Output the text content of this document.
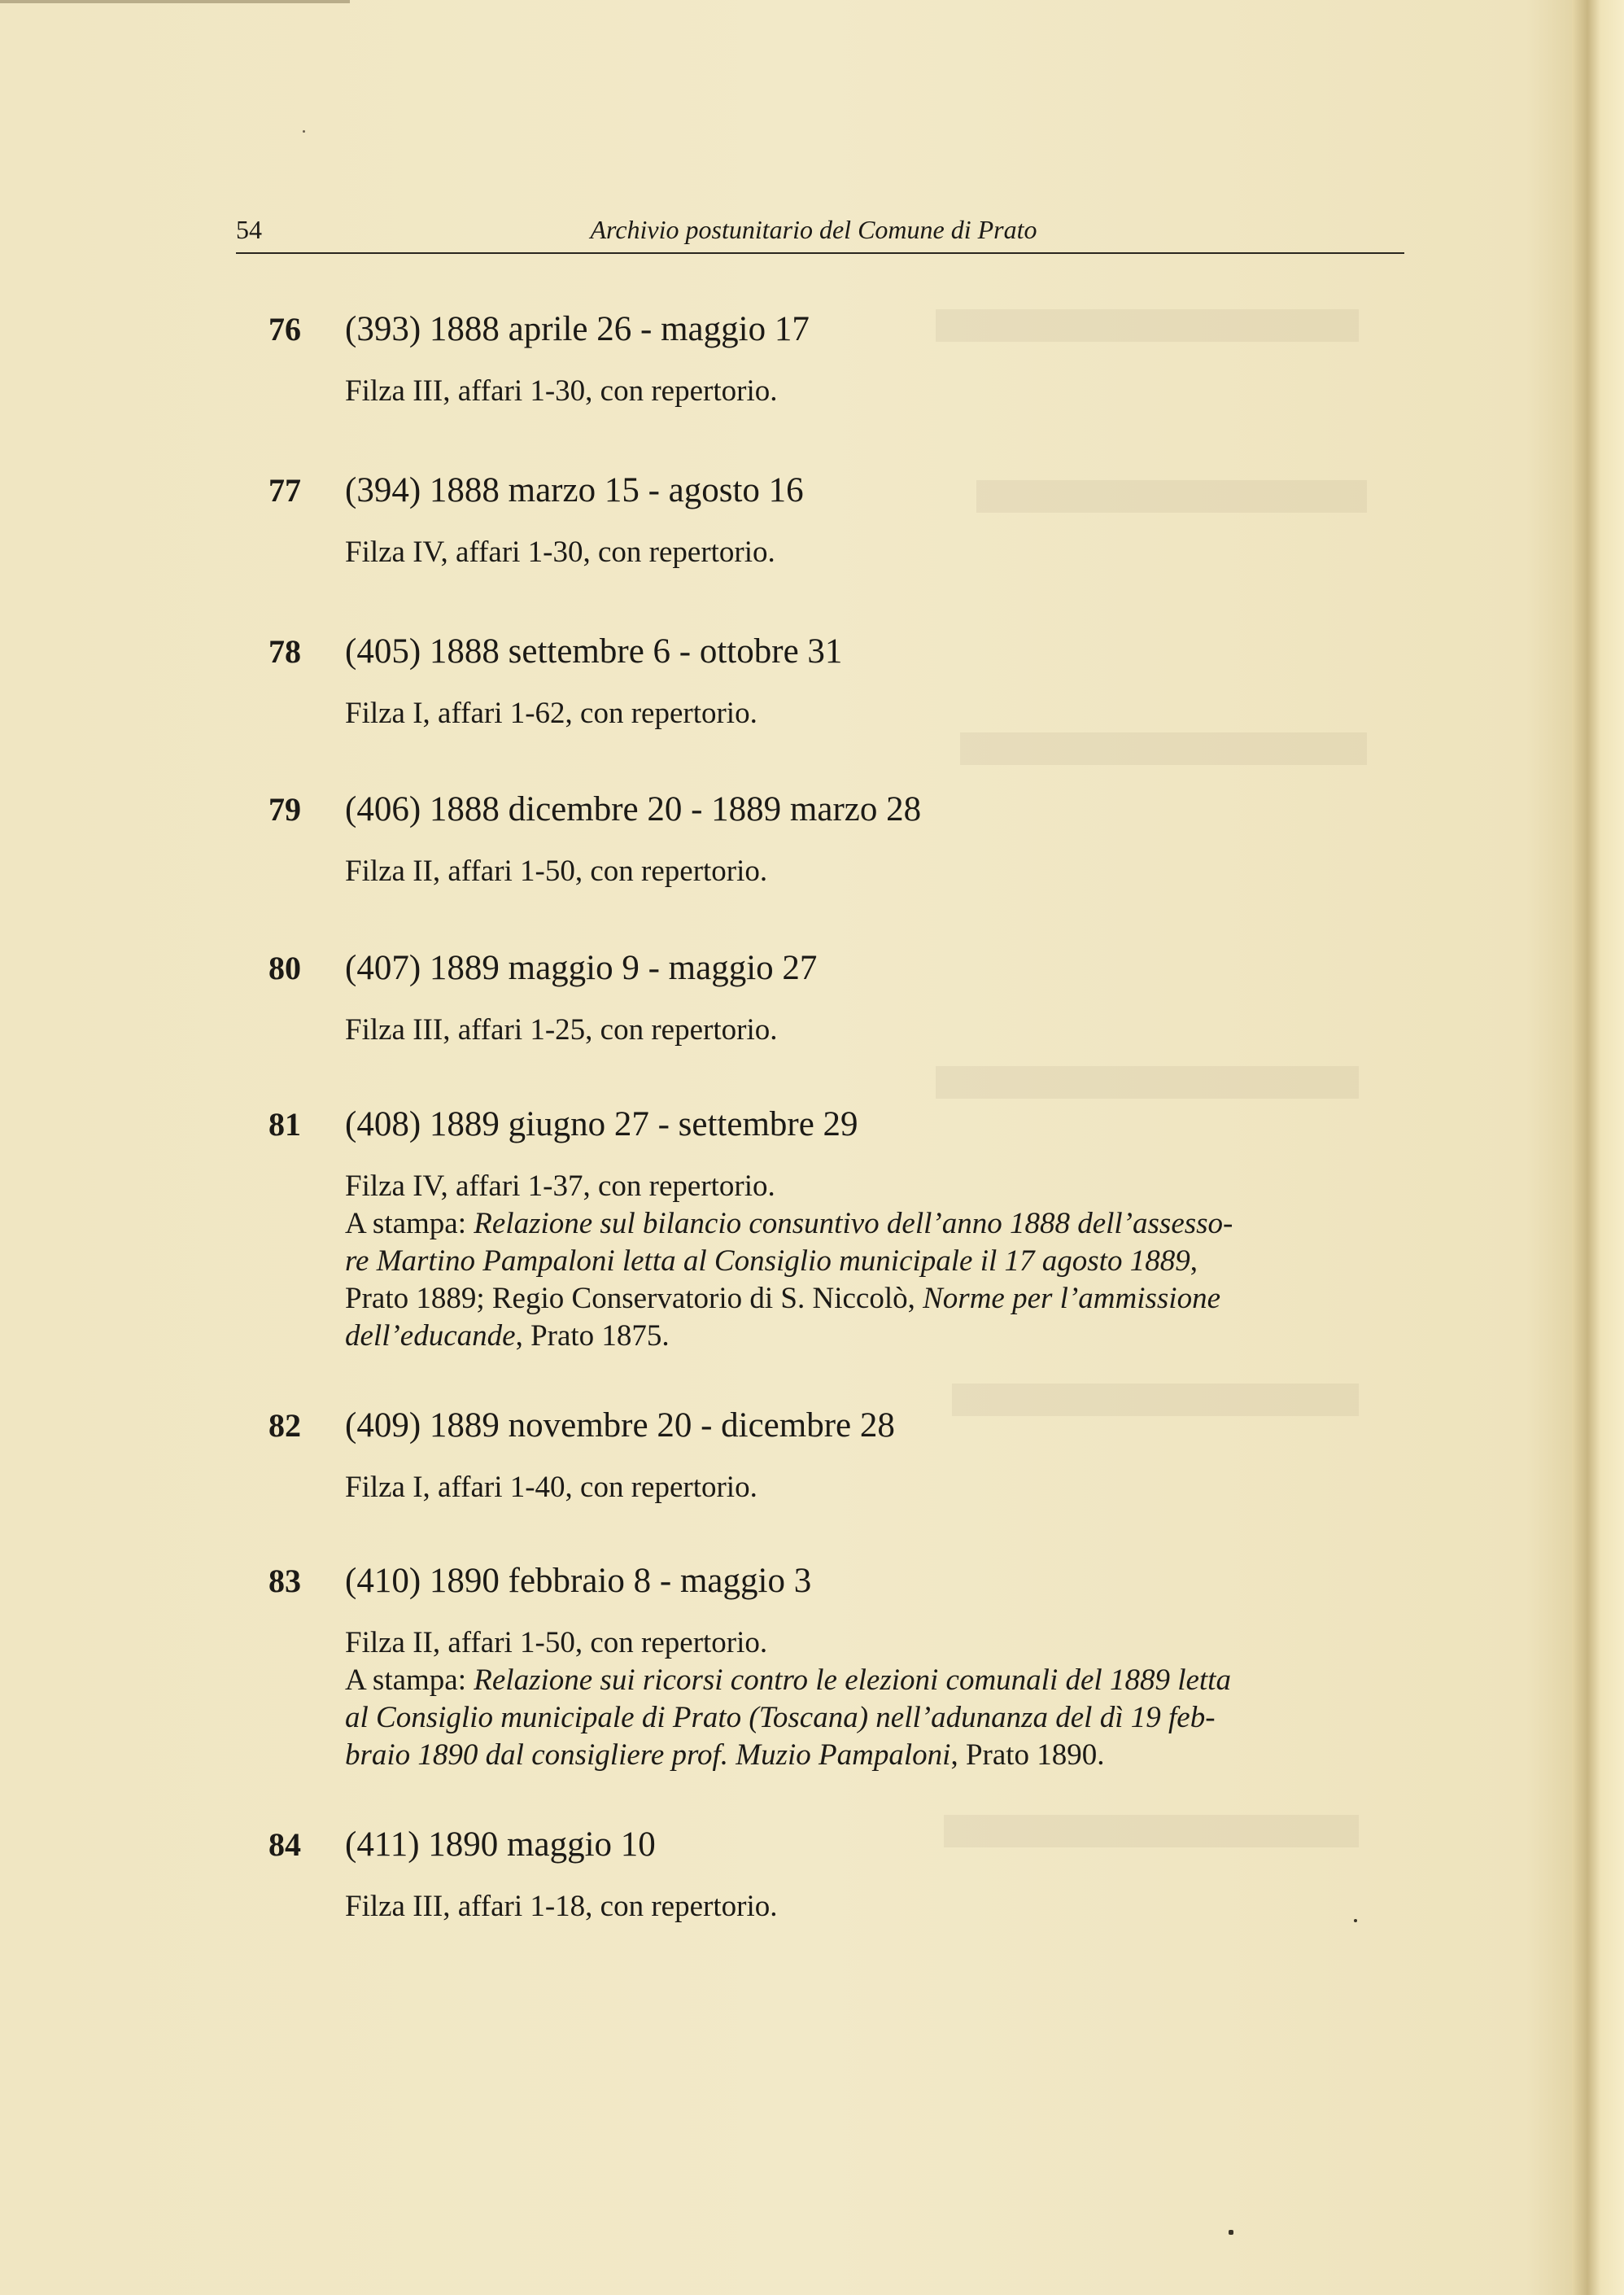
54	Archivio postunitario del Comune di Prato
76 (393) 1888 aprile 26 - maggio 17
Filza III, affari 1-30, con repertorio.
77 (394) 1888 marzo 15 - agosto 16
Filza IV, affari 1-30, con repertorio.
78 (405) 1888 settembre 6 - ottobre 31
Filza I, affari 1-62, con repertorio.
79 (406) 1888 dicembre 20 - 1889 marzo 28
Filza II, affari 1-50, con repertorio.
80 (407) 1889 maggio 9 - maggio 27
Filza III, affari 1-25, con repertorio.
81 (408) 1889 giugno 27 - settembre 29
Filza IV, affari 1-37, con repertorio.
A stampa: Relazione sul bilancio consuntivo dell’anno 1888 dell’assesso-
re Martino Pampaloni letta al Consiglio municipale il 17 agosto 1889,
Prato 1889; Regio Conservatorio di S. Niccolò, Norme per l’ammissione
dell’educande, Prato 1875.
82 (409) 1889 novembre 20 - dicembre 28
Filza I, affari 1-40, con repertorio.
83 (410) 1890 febbraio 8 - maggio 3
Filza II, affari 1-50, con repertorio.
A stampa: Relazione sui ricorsi contro le elezioni comunali del 1889 letta
al Consiglio municipale di Prato (Toscana) nell’adunanza del dì 19 feb-
braio 1890 dal consigliere prof. Muzio Pampaloni, Prato 1890.
84 (411) 1890 maggio 10
Filza III, affari 1-18, con repertorio.
